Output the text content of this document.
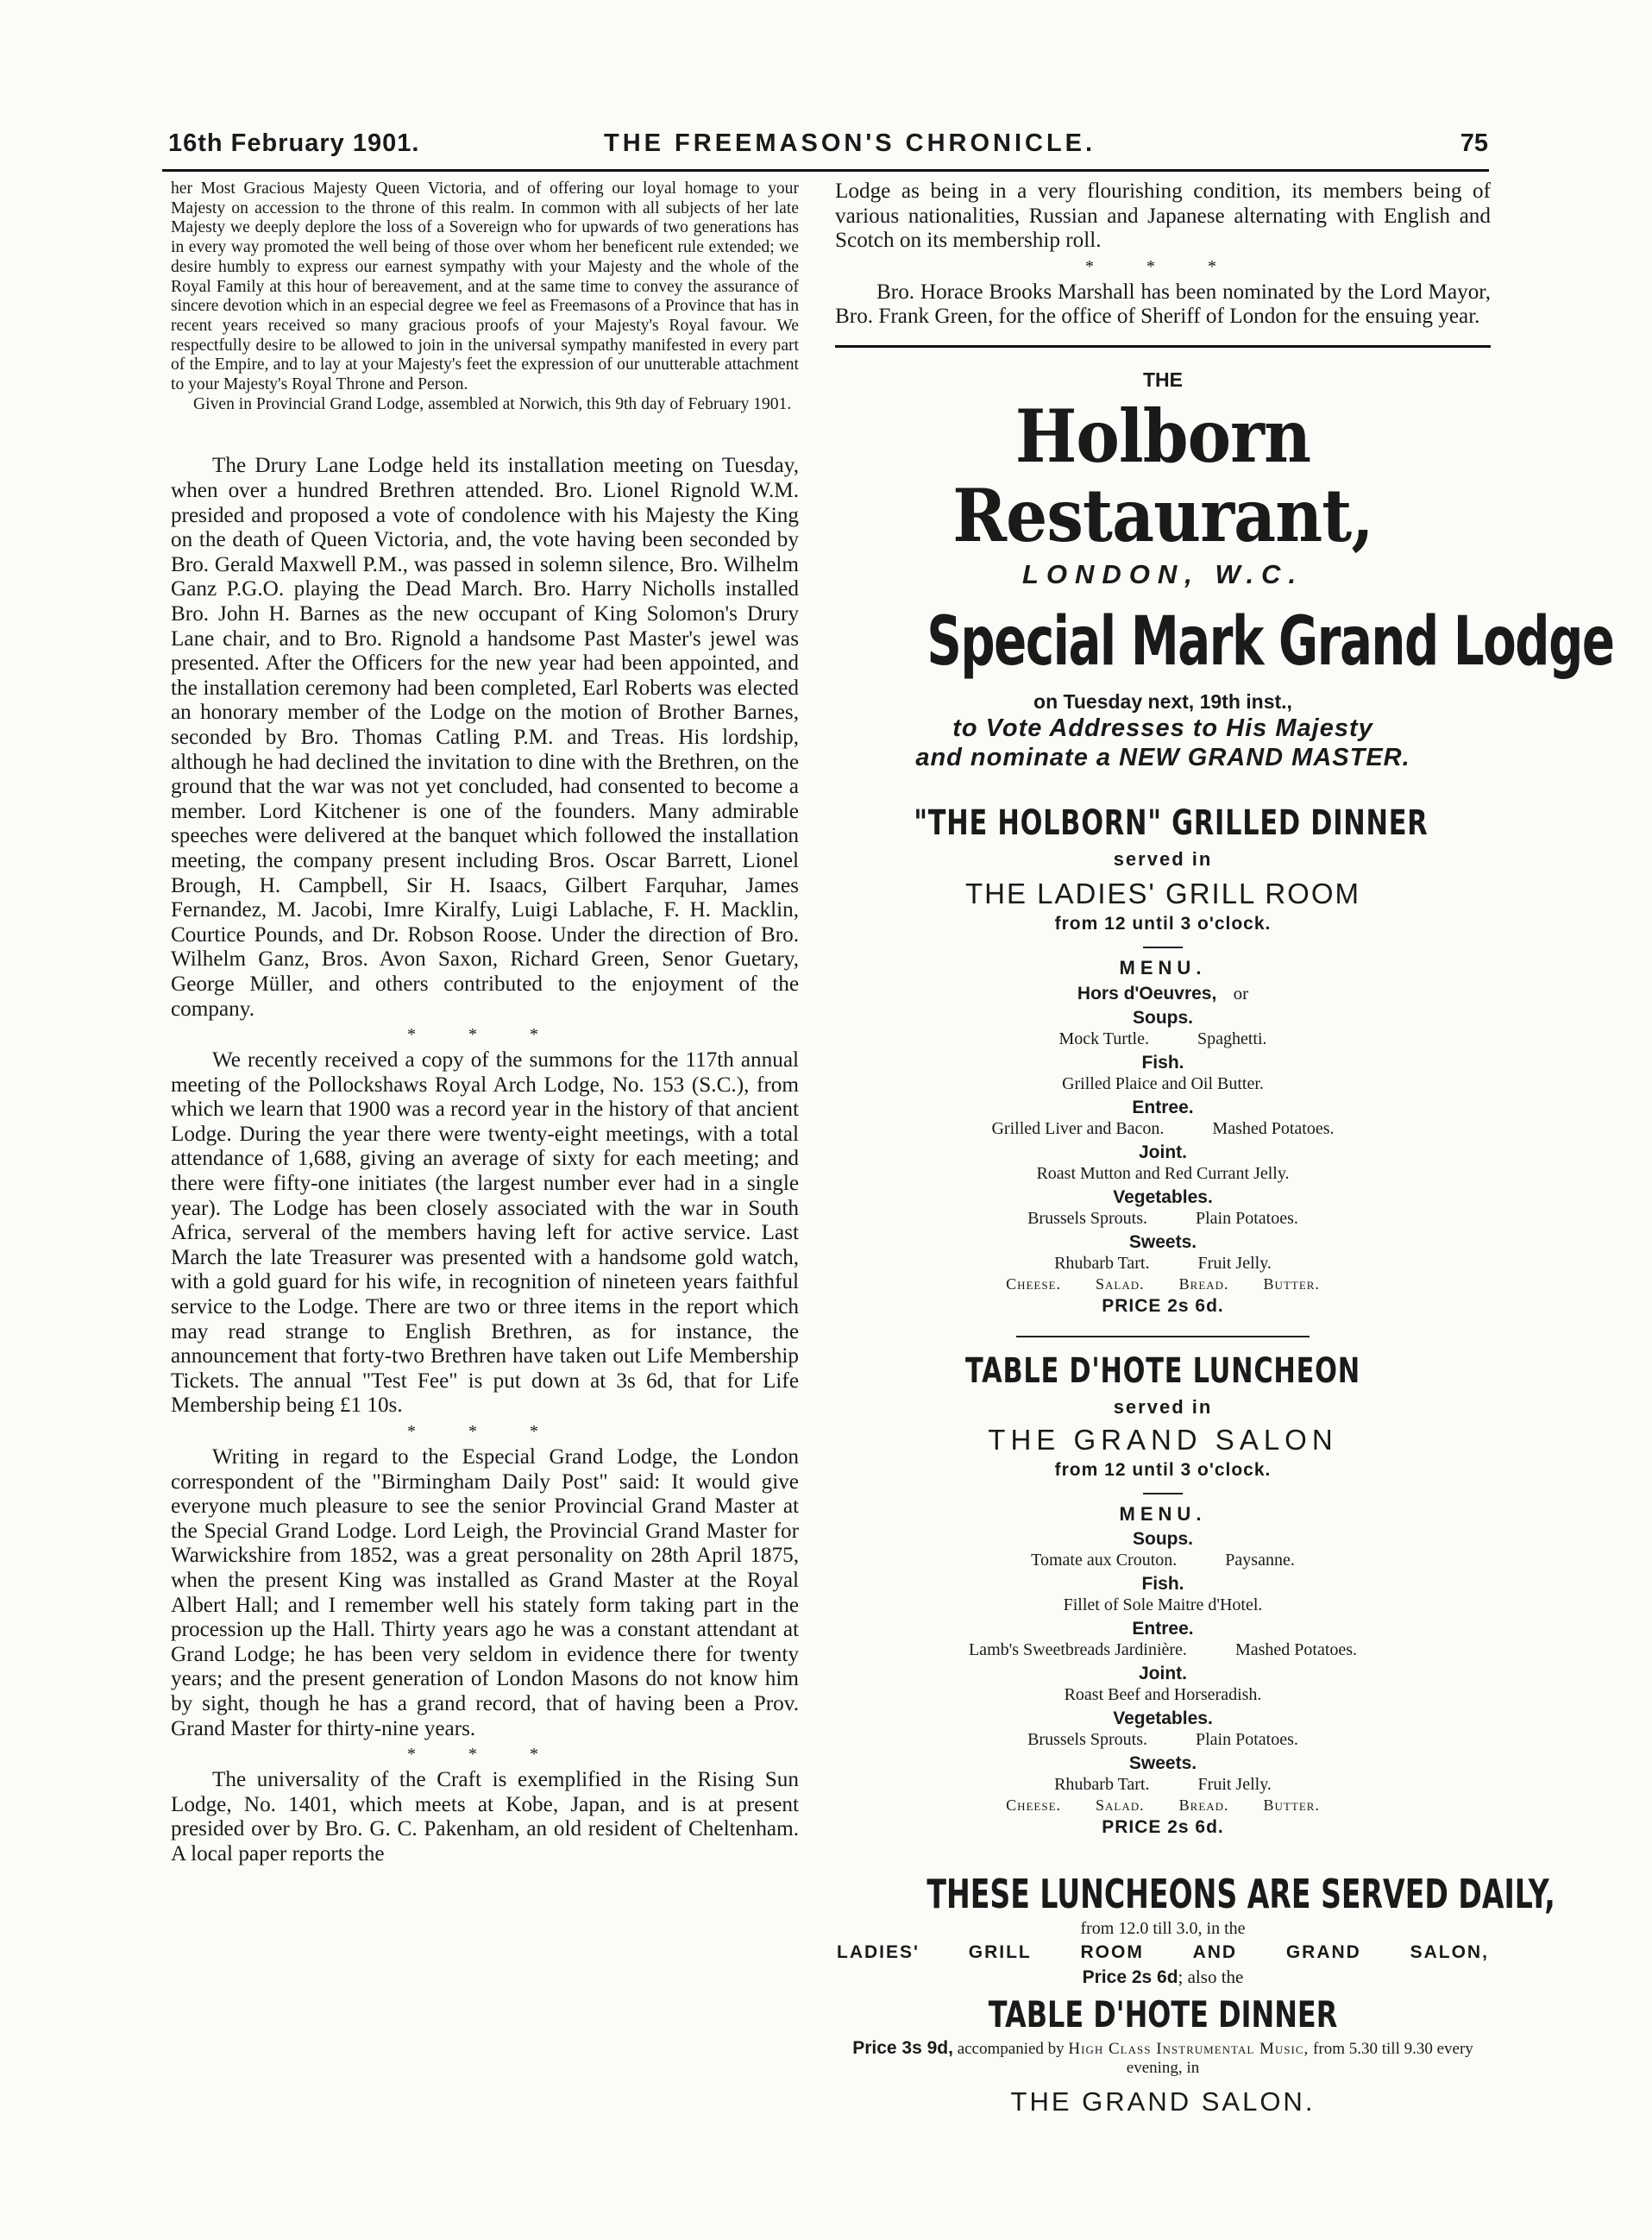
16th February 1901.	THE FREEMASON'S CHRONICLE.	75

her Most Gracious Majesty Queen Victoria, and of offering our loyal homage to your Majesty on accession to the throne of this realm. In common with all subjects of her late Majesty we deeply deplore the loss of a Sovereign who for upwards of two generations has in every way promoted the well being of those over whom her beneficent rule extended; we desire humbly to express our earnest sympathy with your Majesty and the whole of the Royal Family at this hour of bereavement, and at the same time to convey the assurance of sincere devotion which in an especial degree we feel as Freemasons of a Province that has in recent years received so many gracious proofs of your Majesty's Royal favour. We respectfully desire to be allowed to join in the universal sympathy manifested in every part of the Empire, and to lay at your Majesty's feet the expression of our unutterable attachment to your Majesty's Royal Throne and Person.

Given in Provincial Grand Lodge, assembled at Norwich, this 9th day of February 1901.

The Drury Lane Lodge held its installation meeting on Tuesday, when over a hundred Brethren attended. Bro. Lionel Rignold W.M. presided and proposed a vote of condolence with his Majesty the King on the death of Queen Victoria, and, the vote having been seconded by Bro. Gerald Maxwell P.M., was passed in solemn silence, Bro. Wilhelm Ganz P.G.O. playing the Dead March. Bro. Harry Nicholls installed Bro. John H. Barnes as the new occupant of King Solomon's Drury Lane chair, and to Bro. Rignold a handsome Past Master's jewel was presented. After the Officers for the new year had been appointed, and the installation ceremony had been completed, Earl Roberts was elected an honorary member of the Lodge on the motion of Brother Barnes, seconded by Bro. Thomas Catling P.M. and Treas. His lordship, although he had declined the invitation to dine with the Brethren, on the ground that the war was not yet concluded, had consented to become a member. Lord Kitchener is one of the founders. Many admirable speeches were delivered at the banquet which followed the installation meeting, the company present including Bros. Oscar Barrett, Lionel Brough, H. Campbell, Sir H. Isaacs, Gilbert Farquhar, James Fernandez, M. Jacobi, Imre Kiralfy, Luigi Lablache, F. H. Macklin, Courtice Pounds, and Dr. Robson Roose. Under the direction of Bro. Wilhelm Ganz, Bros. Avon Saxon, Richard Green, Senor Guetary, George Müller, and others contributed to the enjoyment of the company.

* * *

We recently received a copy of the summons for the 117th annual meeting of the Pollockshaws Royal Arch Lodge, No. 153 (S.C.), from which we learn that 1900 was a record year in the history of that ancient Lodge. During the year there were twenty-eight meetings, with a total attendance of 1,688, giving an average of sixty for each meeting; and there were fifty-one initiates (the largest number ever had in a single year). The Lodge has been closely associated with the war in South Africa, serveral of the members having left for active service. Last March the late Treasurer was presented with a handsome gold watch, with a gold guard for his wife, in recognition of nineteen years faithful service to the Lodge. There are two or three items in the report which may read strange to English Brethren, as for instance, the announcement that forty-two Brethren have taken out Life Membership Tickets. The annual "Test Fee" is put down at 3s 6d, that for Life Membership being £1 10s.

* * *

Writing in regard to the Especial Grand Lodge, the London correspondent of the "Birmingham Daily Post" said: It would give everyone much pleasure to see the senior Provincial Grand Master at the Special Grand Lodge. Lord Leigh, the Provincial Grand Master for Warwickshire from 1852, was a great personality on 28th April 1875, when the present King was installed as Grand Master at the Royal Albert Hall; and I remember well his stately form taking part in the procession up the Hall. Thirty years ago he was a constant attendant at Grand Lodge; he has been very seldom in evidence there for twenty years; and the present generation of London Masons do not know him by sight, though he has a grand record, that of having been a Prov. Grand Master for thirty-nine years.

* * *

The universality of the Craft is exemplified in the Rising Sun Lodge, No. 1401, which meets at Kobe, Japan, and is at present presided over by Bro. G. C. Pakenham, an old resident of Cheltenham. A local paper reports the

Lodge as being in a very flourishing condition, its members being of various nationalities, Russian and Japanese alternating with English and Scotch on its membership roll.

* * *

Bro. Horace Brooks Marshall has been nominated by the Lord Mayor, Bro. Frank Green, for the office of Sheriff of London for the ensuing year.

THE
Holborn Restaurant,
LONDON, W.C.
Special Mark Grand Lodge
on Tuesday next, 19th inst.,
to Vote Addresses to His Majesty
and nominate a NEW GRAND MASTER.
"THE HOLBORN" GRILLED DINNER
served in
THE LADIES' GRILL ROOM
from 12 until 3 o'clock.
MENU.
Hors d'Oeuvres, or
Soups.
Mock Turtle.	Spaghetti.
Fish.
Grilled Plaice and Oil Butter.
Entree.
Grilled Liver and Bacon.	Mashed Potatoes.
Joint.
Roast Mutton and Red Currant Jelly.
Vegetables.
Brussels Sprouts.	Plain Potatoes.
Sweets.
Rhubarb Tart.	Fruit Jelly.
Cheese. Salad. Bread. Butter.
PRICE 2s 6d.
TABLE D'HOTE LUNCHEON
served in
THE GRAND SALON
from 12 until 3 o'clock.
MENU.
Soups.
Tomate aux Crouton.	Paysanne.
Fish.
Fillet of Sole Maitre d'Hotel.
Entree.
Lamb's Sweetbreads Jardinière.	Mashed Potatoes.
Joint.
Roast Beef and Horseradish.
Vegetables.
Brussels Sprouts.	Plain Potatoes.
Sweets.
Rhubarb Tart.	Fruit Jelly.
Cheese. Salad. Bread. Butter.
PRICE 2s 6d.
THESE LUNCHEONS ARE SERVED DAILY,
from 12.0 till 3.0, in the
LADIES'	GRILL	ROOM	AND	GRAND	SALON,
Price 2s 6d; also the
TABLE D'HOTE DINNER
Price 3s 9d, accompanied by High Class Instrumental Music, from 5.30 till 9.30 every evening, in
THE GRAND SALON.
